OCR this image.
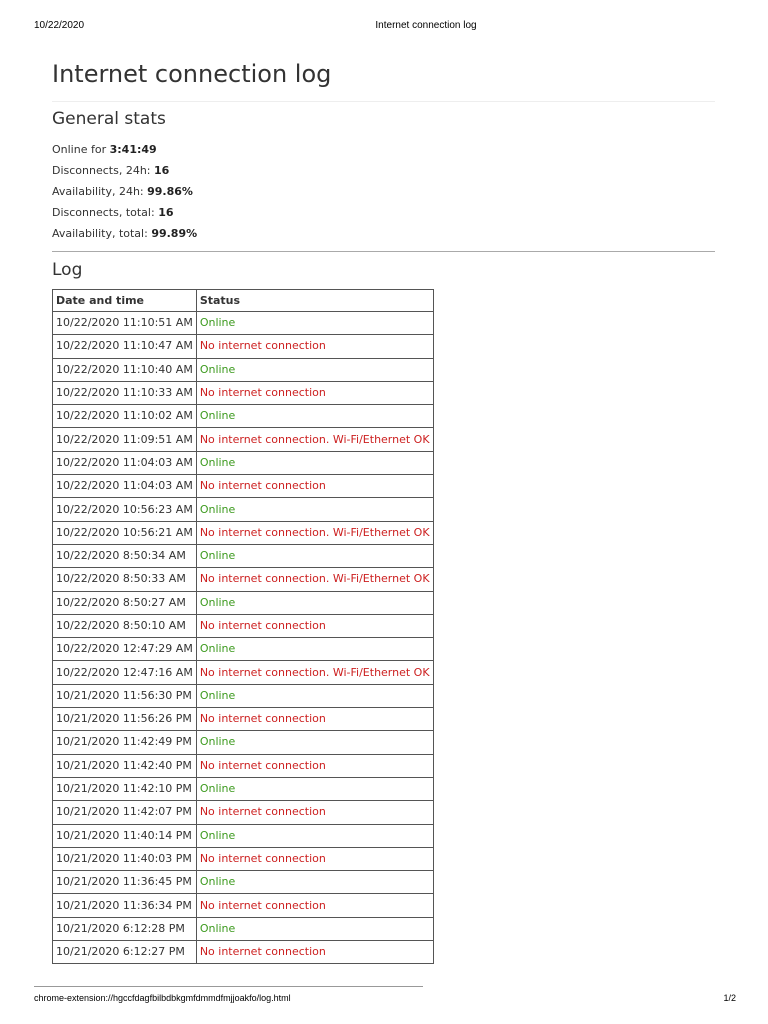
10/22/2020	Internet connection log
Internet connection log
General stats
Online for 3:41:49
Disconnects, 24h: 16
Availability, 24h: 99.86%
Disconnects, total: 16
Availability, total: 99.89%
Log
Date and time	Status
10/22/2020 11:10:51 AM	Online
10/22/2020 11:10:47 AM	No internet connection
10/22/2020 11:10:40 AM	Online
10/22/2020 11:10:33 AM	No internet connection
10/22/2020 11:10:02 AM	Online
10/22/2020 11:09:51 AM	No internet connection. Wi-Fi/Ethernet OK
10/22/2020 11:04:03 AM	Online
10/22/2020 11:04:03 AM	No internet connection
10/22/2020 10:56:23 AM	Online
10/22/2020 10:56:21 AM	No internet connection. Wi-Fi/Ethernet OK
10/22/2020 8:50:34 AM	Online
10/22/2020 8:50:33 AM	No internet connection. Wi-Fi/Ethernet OK
10/22/2020 8:50:27 AM	Online
10/22/2020 8:50:10 AM	No internet connection
10/22/2020 12:47:29 AM	Online
10/22/2020 12:47:16 AM	No internet connection. Wi-Fi/Ethernet OK
10/21/2020 11:56:30 PM	Online
10/21/2020 11:56:26 PM	No internet connection
10/21/2020 11:42:49 PM	Online
10/21/2020 11:42:40 PM	No internet connection
10/21/2020 11:42:10 PM	Online
10/21/2020 11:42:07 PM	No internet connection
10/21/2020 11:40:14 PM	Online
10/21/2020 11:40:03 PM	No internet connection
10/21/2020 11:36:45 PM	Online
10/21/2020 11:36:34 PM	No internet connection
10/21/2020 6:12:28 PM	Online
10/21/2020 6:12:27 PM	No internet connection
chrome-extension://hgccfdagfbilbdbkgmfdmmdfmjjoakfo/log.html	1/2
